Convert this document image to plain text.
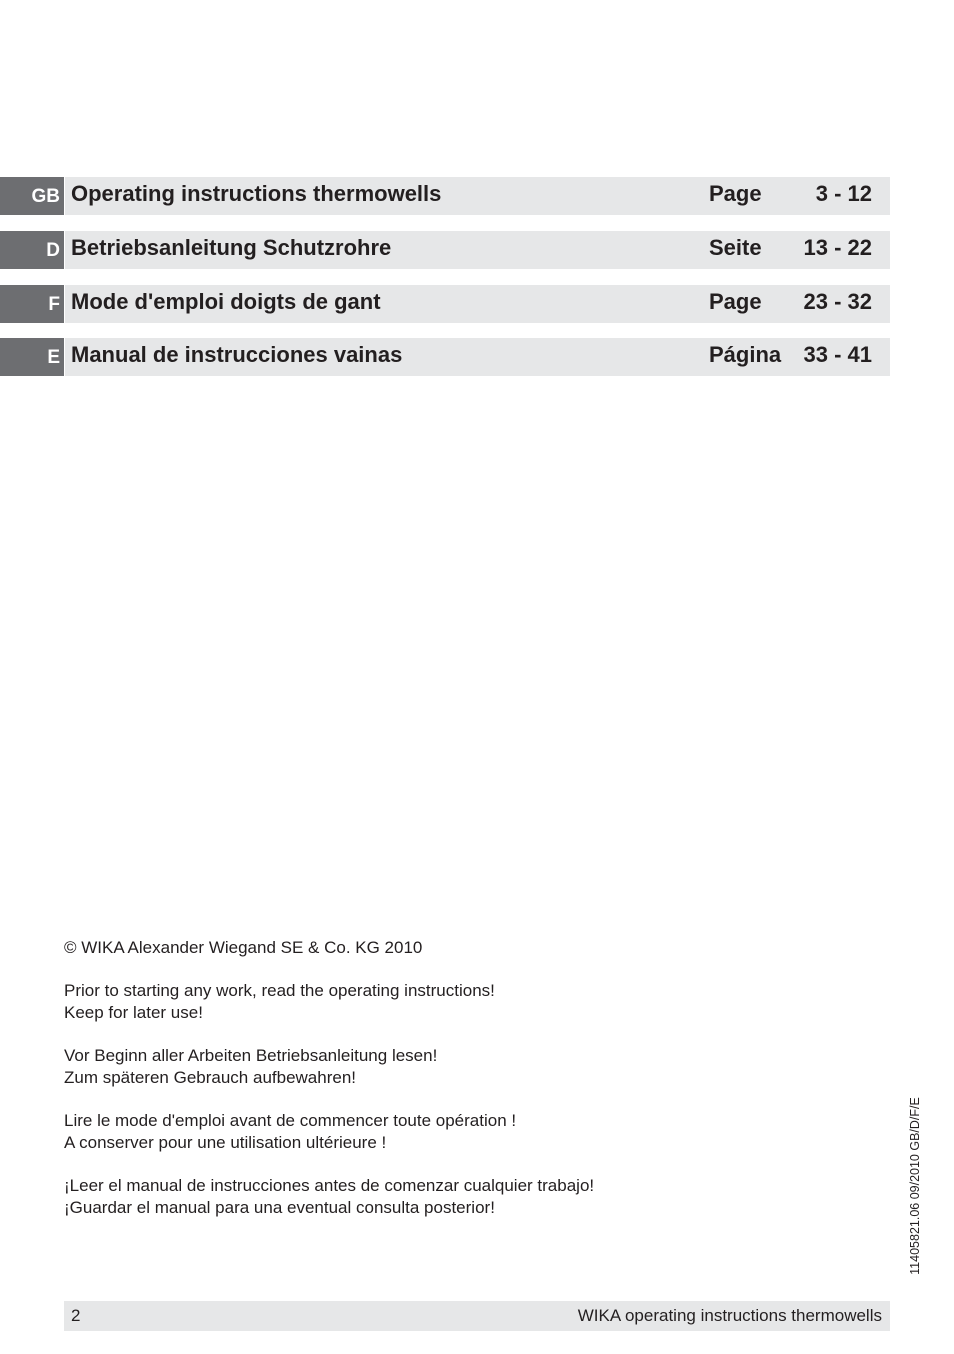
GB Operating instructions thermowells	Page 3 - 12
D Betriebsanleitung Schutzrohre	Seite 13 - 22
F Mode d'emploi doigts de gant	Page 23 - 32
E Manual de instrucciones vainas	Página 33 - 41

© WIKA Alexander Wiegand SE & Co. KG 2010

Prior to starting any work, read the operating instructions!
Keep for later use!

Vor Beginn aller Arbeiten Betriebsanleitung lesen!
Zum späteren Gebrauch aufbewahren!

Lire le mode d'emploi avant de commencer toute opération !
A conserver pour une utilisation ultérieure !

¡Leer el manual de instrucciones antes de comenzar cualquier trabajo!
¡Guardar el manual para una eventual consulta posterior!	11405821.06 09/2010 GB/D/F/E
2	WIKA operating instructions thermowells
